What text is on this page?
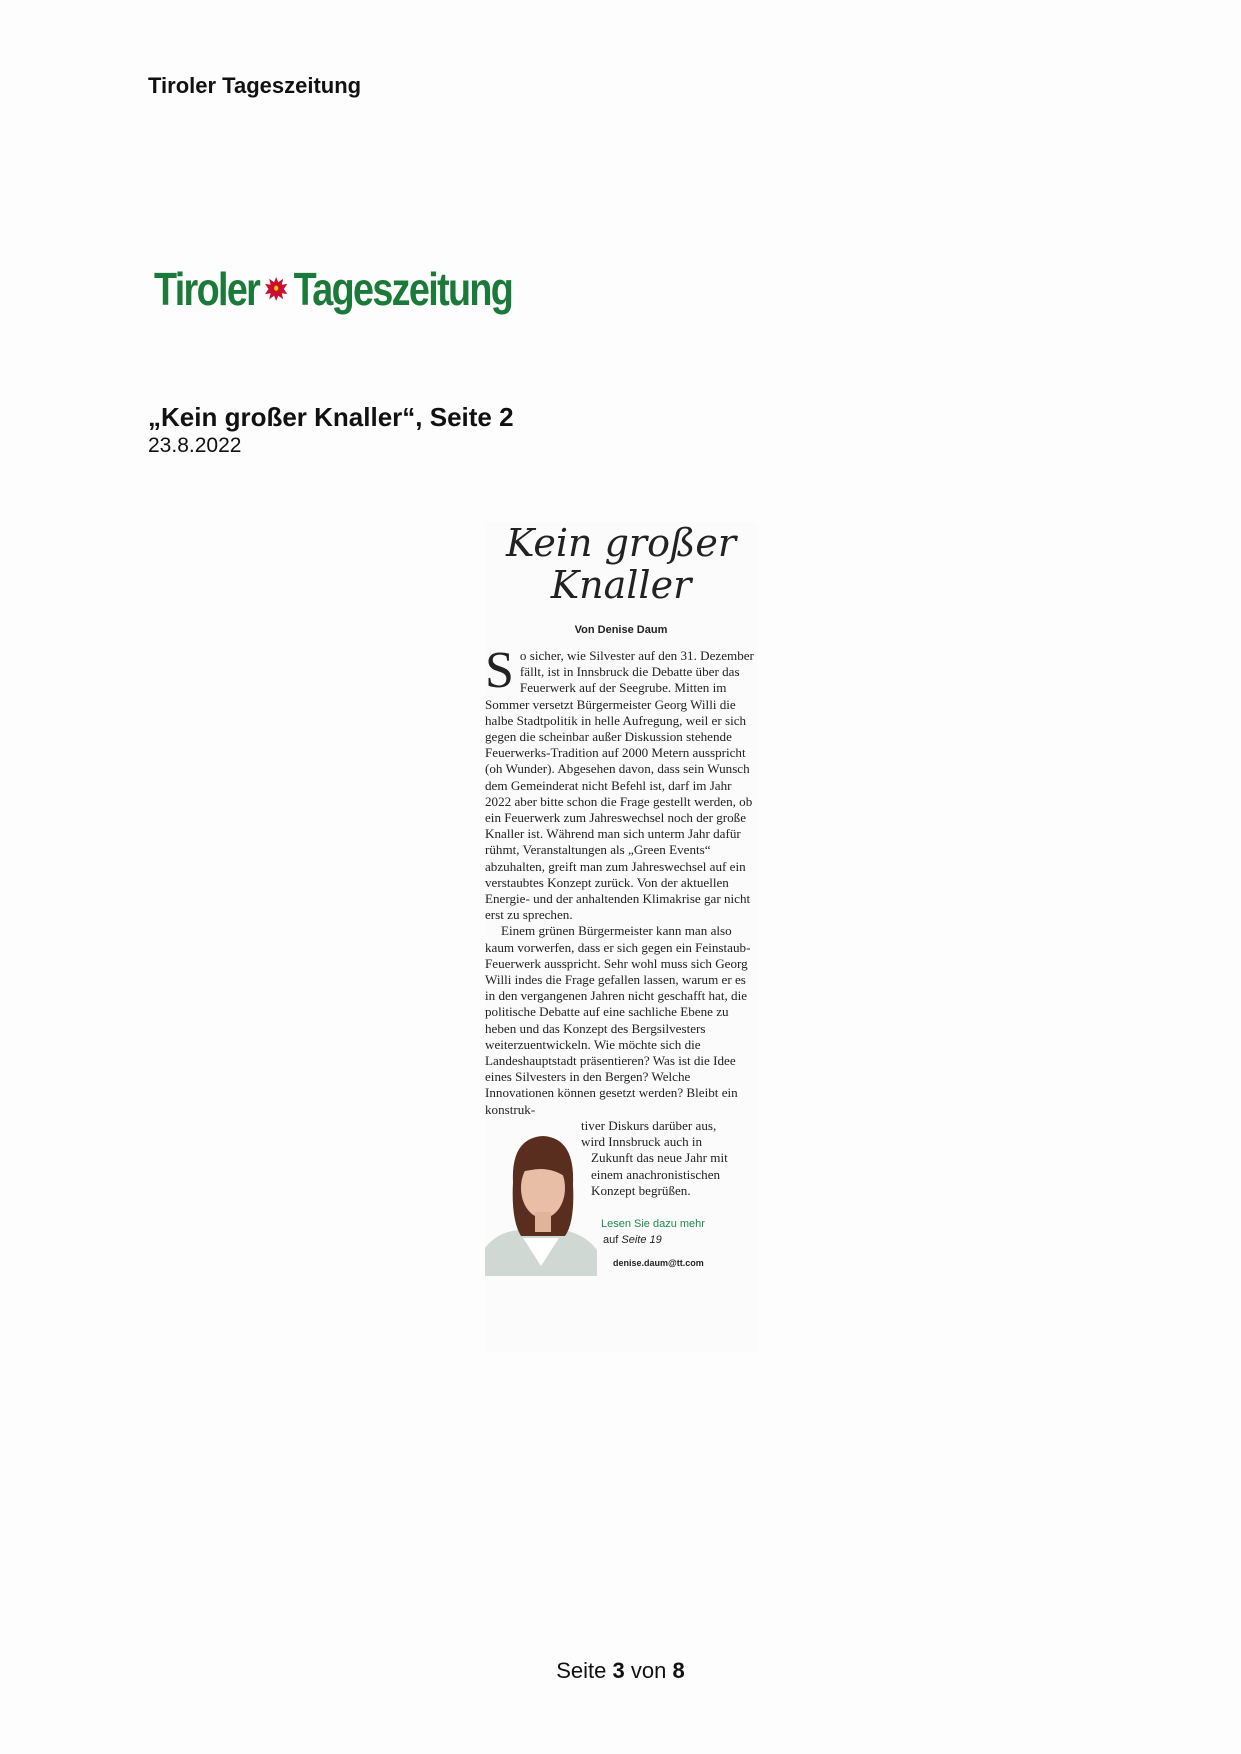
Tiroler Tageszeitung
Tiroler Tageszeitung
„Kein großer Knaller“, Seite 2
23.8.2022
Kein großer
Knaller
Von Denise Daum

So sicher, wie Silvester auf den 31. Dezember fällt, ist in Innsbruck die Debatte über das Feuerwerk auf der Seegrube. Mitten im Sommer versetzt Bürgermeister Georg Willi die halbe Stadtpolitik in helle Aufregung, weil er sich gegen die scheinbar außer Diskussion stehende Feuerwerks-Tradition auf 2000 Metern ausspricht (oh Wunder). Abgesehen davon, dass sein Wunsch dem Gemeinderat nicht Befehl ist, darf im Jahr 2022 aber bitte schon die Frage gestellt werden, ob ein Feuerwerk zum Jahreswechsel noch der große Knaller ist. Während man sich unterm Jahr dafür rühmt, Veranstaltungen als „Green Events“ abzuhalten, greift man zum Jahreswechsel auf ein verstaubtes Konzept zurück. Von der aktuellen Energie- und der anhaltenden Klimakrise gar nicht erst zu sprechen.

Einem grünen Bürgermeister kann man also kaum vorwerfen, dass er sich gegen ein Feinstaub-Feuerwerk ausspricht. Sehr wohl muss sich Georg Willi indes die Frage gefallen lassen, warum er es in den vergangenen Jahren nicht geschafft hat, die politische Debatte auf eine sachliche Ebene zu heben und das Konzept des Bergsilvesters weiterzuentwickeln. Wie möchte sich die Landeshauptstadt präsentieren? Was ist die Idee eines Silvesters in den Bergen? Welche Innovationen können gesetzt werden? Bleibt ein konstruk-

tiver Diskurs darüber aus,
wird Innsbruck auch in
Zukunft das neue Jahr mit
einem anachronistischen
Konzept begrüßen.
Lesen Sie dazu mehr
auf Seite 19
denise.daum@tt.com
Seite 3 von 8
